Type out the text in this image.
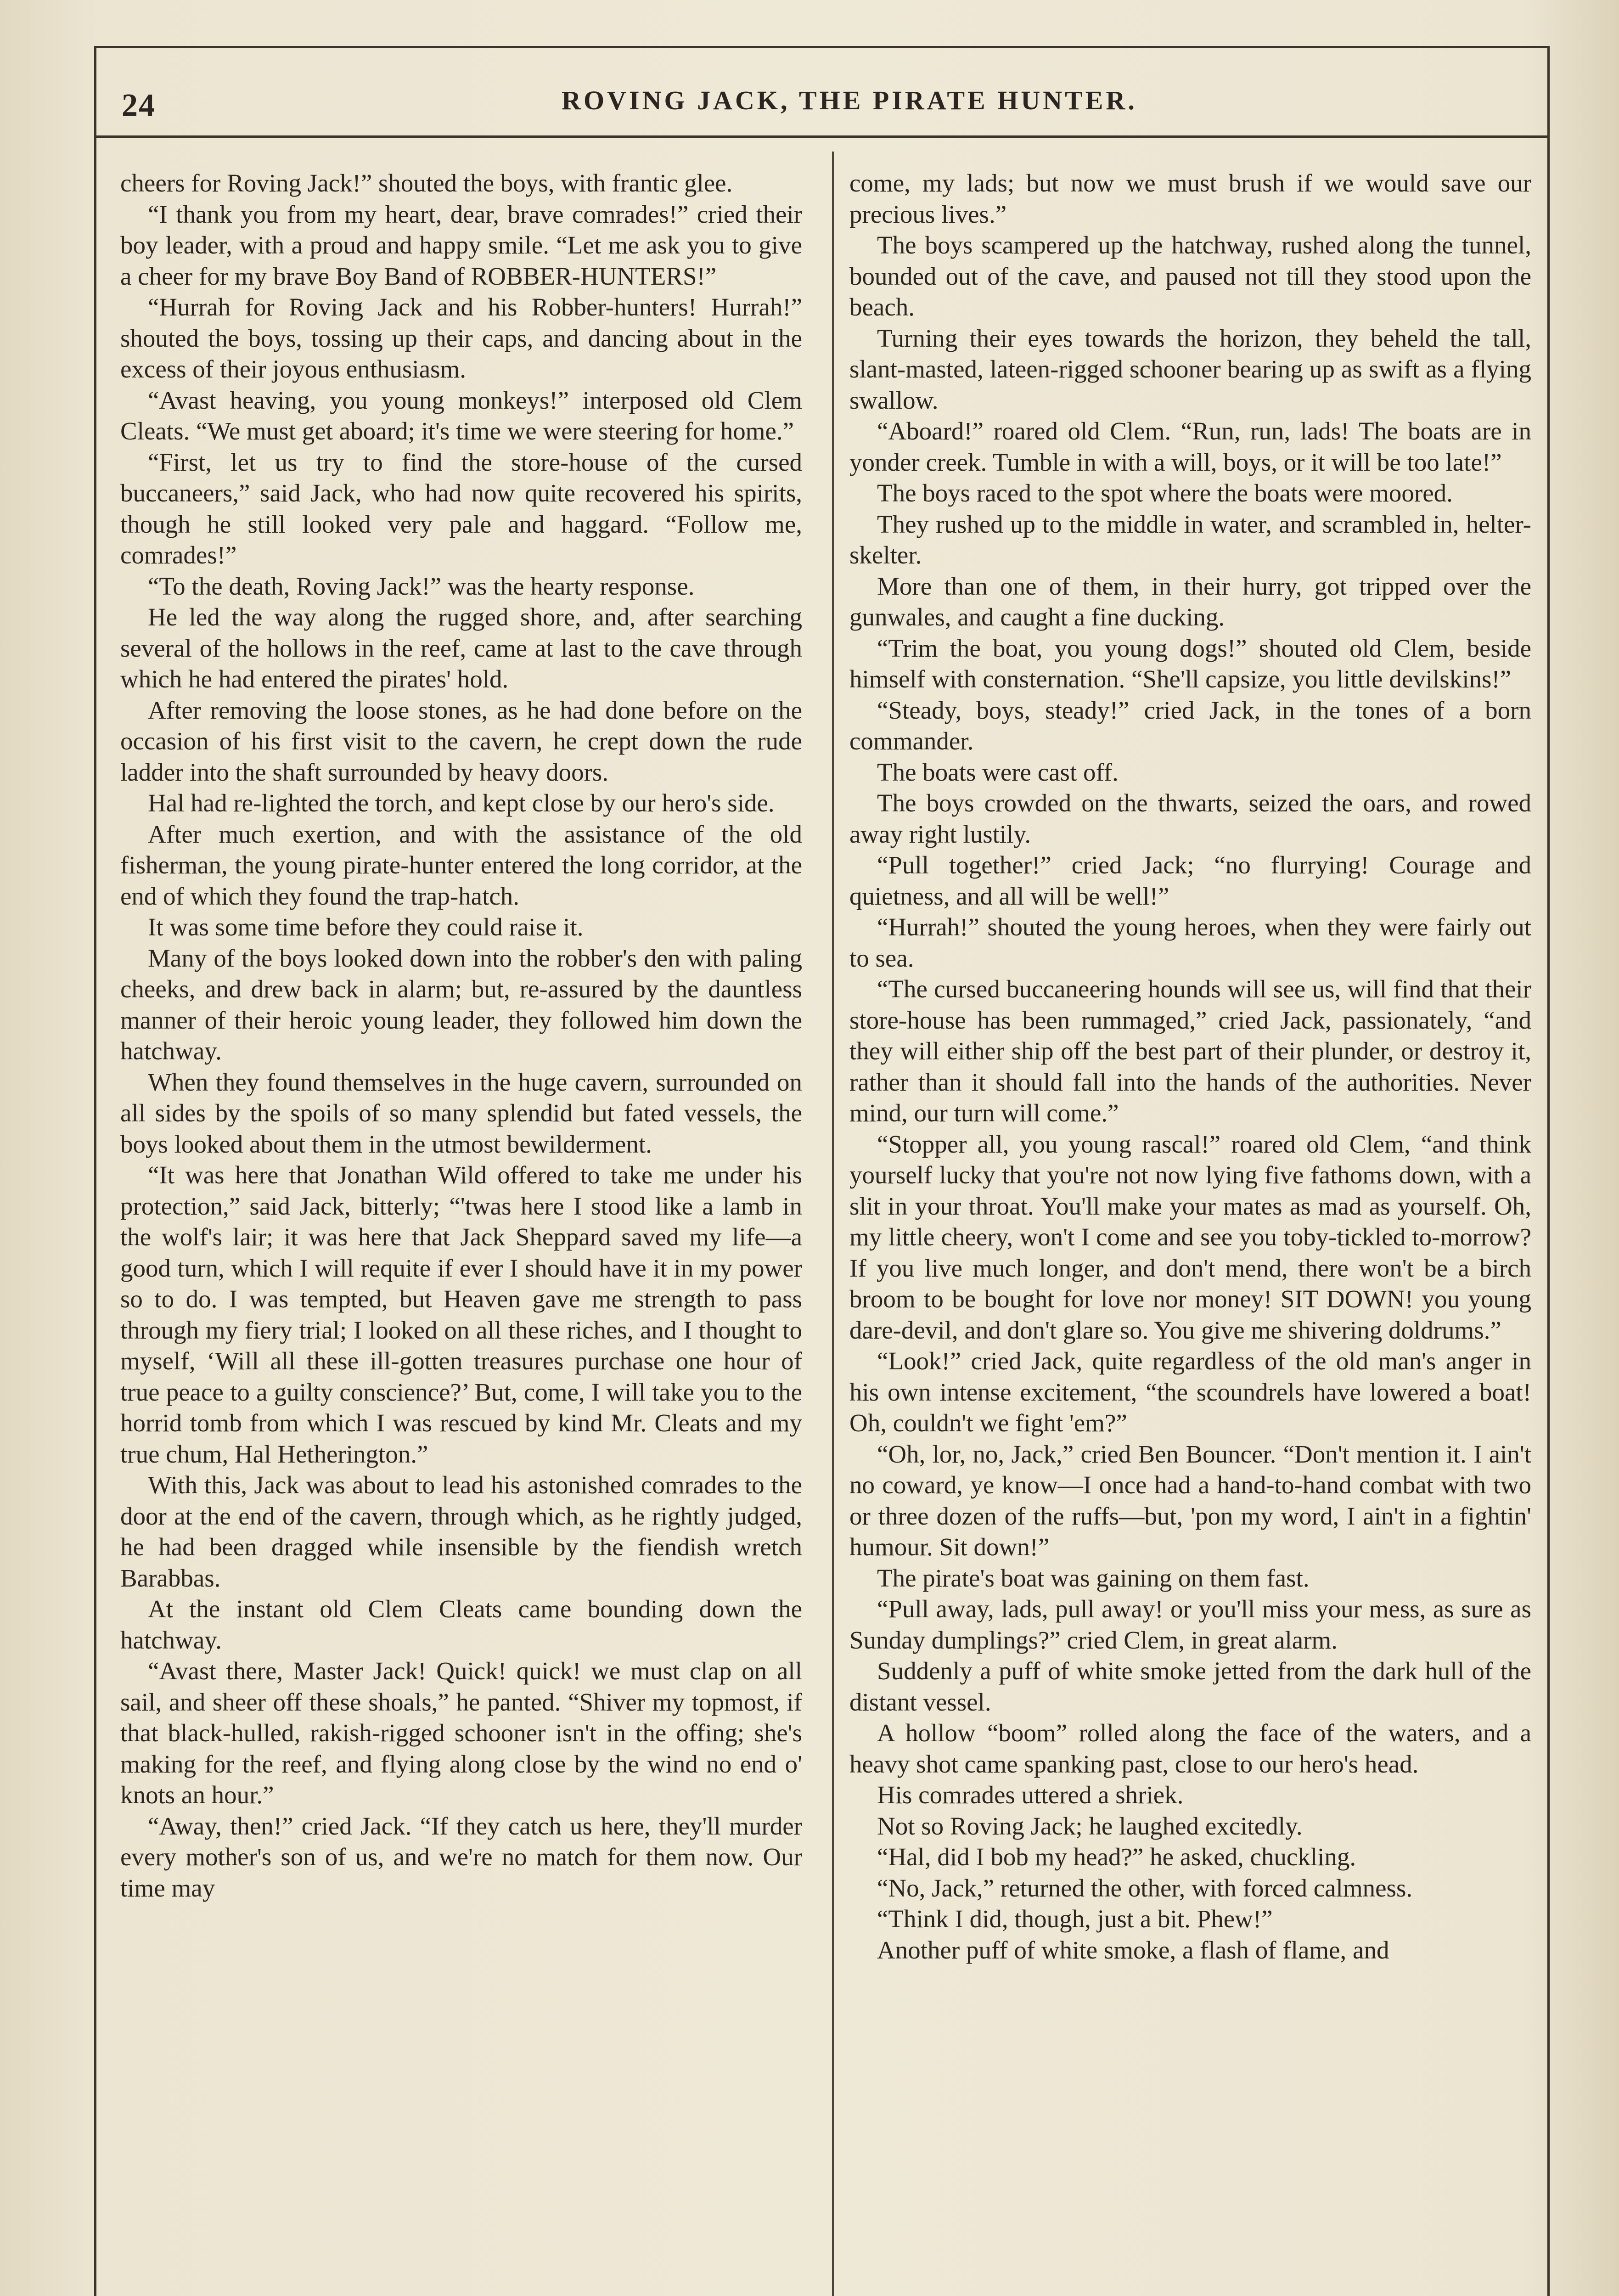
24	ROVING JACK, THE PIRATE HUNTER.

cheers for Roving Jack!” shouted the boys, with frantic glee.

“I thank you from my heart, dear, brave comrades!” cried their boy leader, with a proud and happy smile. “Let me ask you to give a cheer for my brave Boy Band of ROBBER-HUNTERS!”

“Hurrah for Roving Jack and his Robber-hunters! Hurrah!” shouted the boys, tossing up their caps, and dancing about in the excess of their joyous enthusiasm.

“Avast heaving, you young monkeys!” interposed old Clem Cleats. “We must get aboard; it's time we were steering for home.”

“First, let us try to find the store-house of the cursed buccaneers,” said Jack, who had now quite recovered his spirits, though he still looked very pale and haggard. “Follow me, comrades!”

“To the death, Roving Jack!” was the hearty response.

He led the way along the rugged shore, and, after searching several of the hollows in the reef, came at last to the cave through which he had entered the pirates' hold.

After removing the loose stones, as he had done before on the occasion of his first visit to the cavern, he crept down the rude ladder into the shaft surrounded by heavy doors.

Hal had re-lighted the torch, and kept close by our hero's side.

After much exertion, and with the assistance of the old fisherman, the young pirate-hunter entered the long corridor, at the end of which they found the trap-hatch.

It was some time before they could raise it.

Many of the boys looked down into the robber's den with paling cheeks, and drew back in alarm; but, re-assured by the dauntless manner of their heroic young leader, they followed him down the hatchway.

When they found themselves in the huge cavern, surrounded on all sides by the spoils of so many splendid but fated vessels, the boys looked about them in the utmost bewilderment.

“It was here that Jonathan Wild offered to take me under his protection,” said Jack, bitterly; “'twas here I stood like a lamb in the wolf's lair; it was here that Jack Sheppard saved my life—a good turn, which I will requite if ever I should have it in my power so to do. I was tempted, but Heaven gave me strength to pass through my fiery trial; I looked on all these riches, and I thought to myself, ‘Will all these ill-gotten treasures purchase one hour of true peace to a guilty conscience?’ But, come, I will take you to the horrid tomb from which I was rescued by kind Mr. Cleats and my true chum, Hal Hetherington.”

With this, Jack was about to lead his astonished comrades to the door at the end of the cavern, through which, as he rightly judged, he had been dragged while insensible by the fiendish wretch Barabbas.

At the instant old Clem Cleats came bounding down the hatchway.

“Avast there, Master Jack! Quick! quick! we must clap on all sail, and sheer off these shoals,” he panted. “Shiver my topmost, if that black-hulled, rakish-rigged schooner isn't in the offing; she's making for the reef, and flying along close by the wind no end o' knots an hour.”

“Away, then!” cried Jack. “If they catch us here, they'll murder every mother's son of us, and we're no match for them now. Our time may

come, my lads; but now we must brush if we would save our precious lives.”

The boys scampered up the hatchway, rushed along the tunnel, bounded out of the cave, and paused not till they stood upon the beach.

Turning their eyes towards the horizon, they beheld the tall, slant-masted, lateen-rigged schooner bearing up as swift as a flying swallow.

“Aboard!” roared old Clem. “Run, run, lads! The boats are in yonder creek. Tumble in with a will, boys, or it will be too late!”

The boys raced to the spot where the boats were moored.

They rushed up to the middle in water, and scrambled in, helter-skelter.

More than one of them, in their hurry, got tripped over the gunwales, and caught a fine ducking.

“Trim the boat, you young dogs!” shouted old Clem, beside himself with consternation. “She'll capsize, you little devilskins!”

“Steady, boys, steady!” cried Jack, in the tones of a born commander.

The boats were cast off.

The boys crowded on the thwarts, seized the oars, and rowed away right lustily.

“Pull together!” cried Jack; “no flurrying! Courage and quietness, and all will be well!”

“Hurrah!” shouted the young heroes, when they were fairly out to sea.

“The cursed buccaneering hounds will see us, will find that their store-house has been rummaged,” cried Jack, passionately, “and they will either ship off the best part of their plunder, or destroy it, rather than it should fall into the hands of the authorities. Never mind, our turn will come.”

“Stopper all, you young rascal!” roared old Clem, “and think yourself lucky that you're not now lying five fathoms down, with a slit in your throat. You'll make your mates as mad as yourself. Oh, my little cheery, won't I come and see you toby-tickled to-morrow? If you live much longer, and don't mend, there won't be a birch broom to be bought for love nor money! SIT DOWN! you young dare-devil, and don't glare so. You give me shivering doldrums.”

“Look!” cried Jack, quite regardless of the old man's anger in his own intense excitement, “the scoundrels have lowered a boat! Oh, couldn't we fight 'em?”

“Oh, lor, no, Jack,” cried Ben Bouncer. “Don't mention it. I ain't no coward, ye know—I once had a hand-to-hand combat with two or three dozen of the ruffs—but, 'pon my word, I ain't in a fightin' humour. Sit down!”

The pirate's boat was gaining on them fast.

“Pull away, lads, pull away! or you'll miss your mess, as sure as Sunday dumplings?” cried Clem, in great alarm.

Suddenly a puff of white smoke jetted from the dark hull of the distant vessel.

A hollow “boom” rolled along the face of the waters, and a heavy shot came spanking past, close to our hero's head.

His comrades uttered a shriek.

Not so Roving Jack; he laughed excitedly.

“Hal, did I bob my head?” he asked, chuckling.

“No, Jack,” returned the other, with forced calmness.

“Think I did, though, just a bit. Phew!”

Another puff of white smoke, a flash of flame, and
